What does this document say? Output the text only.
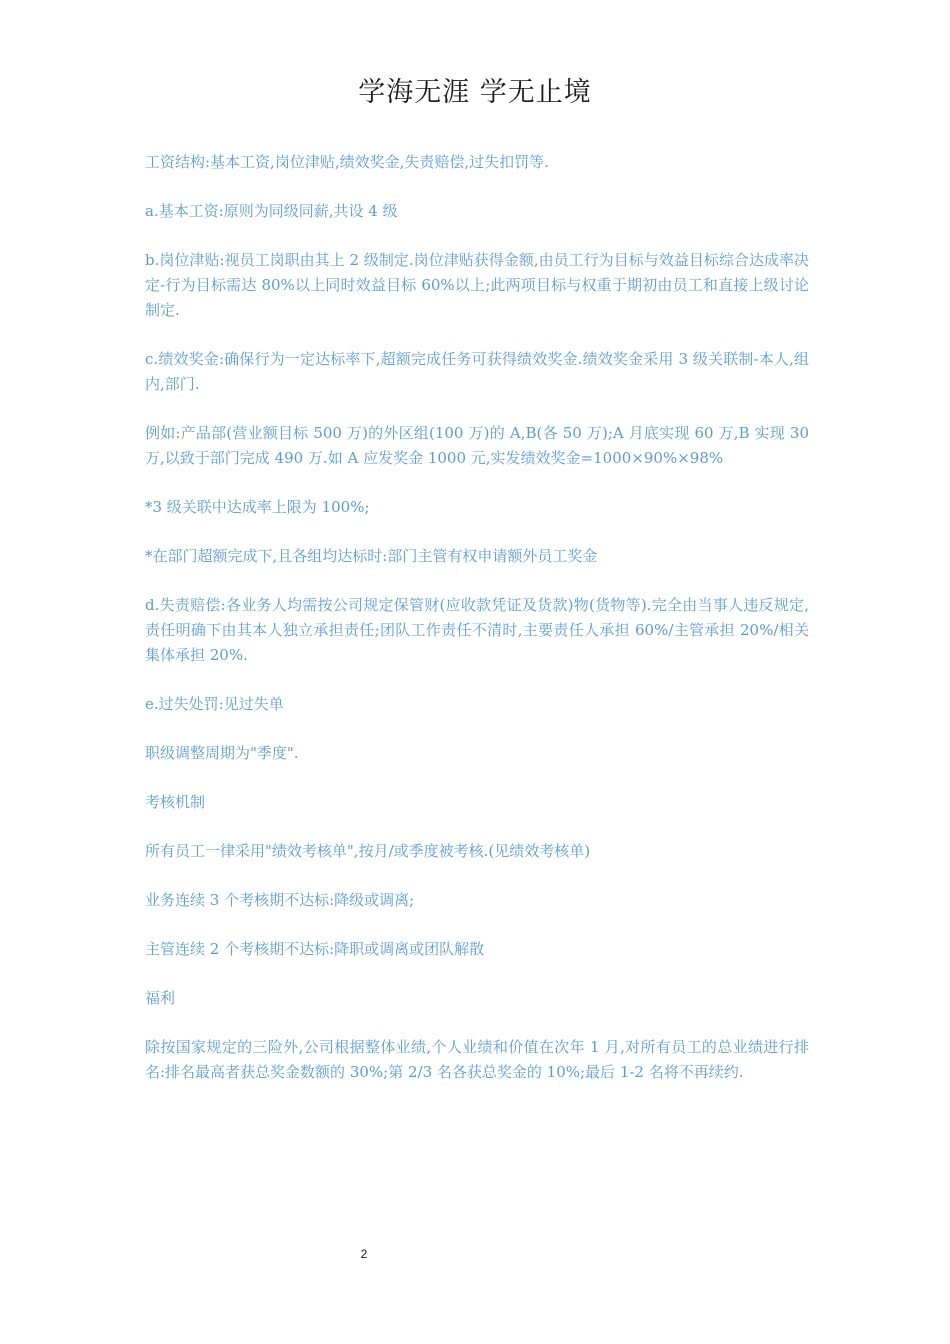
学海无涯 学无止境

工资结构:基本工资,岗位津贴,绩效奖金,失责赔偿,过失扣罚等.

a.基本工资:原则为同级同薪,共设 4 级

b.岗位津贴:视员工岗职由其上 2 级制定.岗位津贴获得金额,由员工行为目标与效益目标综合达成率决定-行为目标需达 80%以上同时效益目标 60%以上;此两项目标与权重于期初由员工和直接上级讨论制定.

c.绩效奖金:确保行为一定达标率下,超额完成任务可获得绩效奖金.绩效奖金采用 3 级关联制-本人,组内,部门.

例如:产品部(营业额目标 500 万)的外区组(100 万)的 A,B(各 50 万);A 月底实现 60 万,B 实现 30 万,以致于部门完成 490 万.如 A 应发奖金 1000 元,实发绩效奖金=1000×90%×98%

*3 级关联中达成率上限为 100%;

*在部门超额完成下,且各组均达标时:部门主管有权申请额外员工奖金

d.失责赔偿:各业务人均需按公司规定保管财(应收款凭证及货款)物(货物等).完全由当事人违反规定,责任明确下由其本人独立承担责任;团队工作责任不清时,主要责任人承担 60%/主管承担 20%/相关集体承担 20%.

e.过失处罚:见过失单

职级调整周期为"季度".

考核机制

所有员工一律采用"绩效考核单",按月/或季度被考核.(见绩效考核单)

业务连续 3 个考核期不达标:降级或调离;

主管连续 2 个考核期不达标:降职或调离或团队解散

福利

除按国家规定的三险外,公司根据整体业绩,个人业绩和价值在次年 1 月,对所有员工的总业绩进行排名:排名最高者获总奖金数额的 30%;第 2/3 名各获总奖金的 10%;最后 1-2 名将不再续约.

2
